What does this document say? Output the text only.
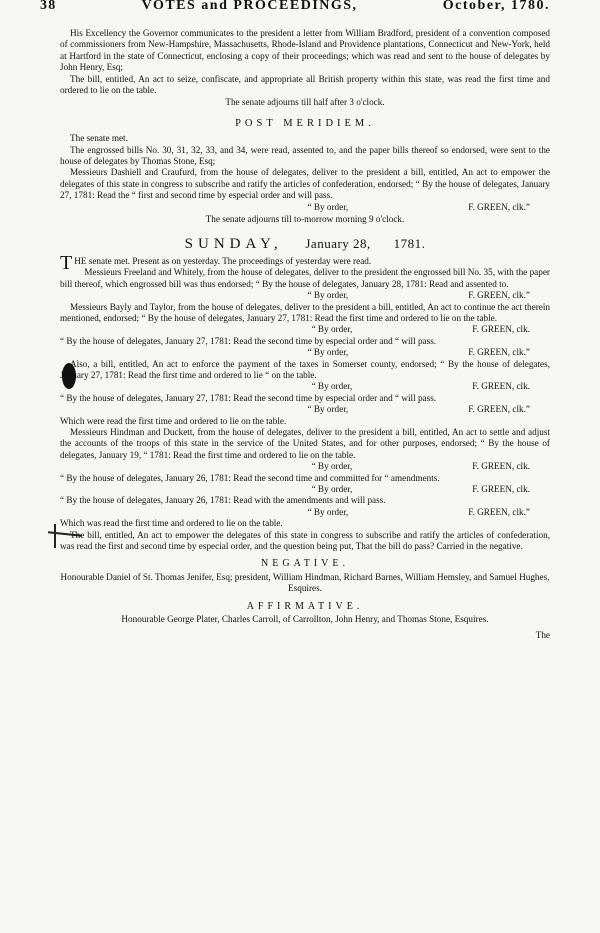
38	VOTES and PROCEEDINGS,	October, 1780.

His Excellency the Governor communicates to the president a letter from William Bradford, president of a convention composed of commissioners from New-Hampshire, Massachusetts, Rhode-Island and Providence plantations, Connecticut and New-York, held at Hartford in the state of Connecticut, enclosing a copy of their proceedings; which was read and sent to the house of delegates by John Henry, Esq;

The bill, entitled, An act to seize, confiscate, and appropriate all British property within this state, was read the first time and ordered to lie on the table.

The senate adjourns till half after 3 o'clock.
POST MERIDIEM.

The senate met.

The engrossed bills No. 30, 31, 32, 33, and 34, were read, assented to, and the paper bills thereof so endorsed, were sent to the house of delegates by Thomas Stone, Esq;

Messieurs Dashiell and Craufurd, from the house of delegates, deliver to the president a bill, entitled, An act to empower the delegates of this state in congress to subscribe and ratify the articles of confederation, endorsed; “ By the house of delegates, January 27, 1781: Read the “ first and second time by especial order and will pass.

“ By order,	F. GREEN, clk.”
The senate adjourns till to-morrow morning 9 o'clock.
SUNDAY, January 28, 1781.

THE senate met. Present as on yesterday. The proceedings of yesterday were read.

Messieurs Freeland and Whitely, from the house of delegates, deliver to the president the engrossed bill No. 35, with the paper bill thereof, which engrossed bill was thus endorsed; “ By the house of delegates, January 28, 1781: Read and assented to.

“ By order,	F. GREEN, clk.”

Messieurs Bayly and Taylor, from the house of delegates, deliver to the president a bill, entitled, An act to continue the act therein mentioned, endorsed; “ By the house of delegates, January 27, 1781: Read the first time and ordered to lie on the table.

“ By order,	F. GREEN, clk.

“ By the house of delegates, January 27, 1781: Read the second time by especial order and “ will pass.

“ By order,	F. GREEN, clk.”

Also, a bill, entitled, An act to enforce the payment of the taxes in Somerset county, endorsed; “ By the house of delegates, January 27, 1781: Read the first time and ordered to lie “ on the table.

“ By order,	F. GREEN, clk.

“ By the house of delegates, January 27, 1781: Read the second time by especial order and “ will pass.

“ By order,	F. GREEN, clk.”

Which were read the first time and ordered to lie on the table.

Messieurs Hindman and Duckett, from the house of delegates, deliver to the president a bill, entitled, An act to settle and adjust the accounts of the troops of this state in the service of the United States, and for other purposes, endorsed; “ By the house of delegates, January 19, “ 1781: Read the first time and ordered to lie on the table.

“ By order,	F. GREEN, clk.

“ By the house of delegates, January 26, 1781: Read the second time and committed for “ amendments.

“ By order,	F. GREEN, clk.

“ By the house of delegates, January 26, 1781: Read with the amendments and will pass.

“ By order,	F. GREEN, clk.”

Which was read the first time and ordered to lie on the table.

The bill, entitled, An act to empower the delegates of this state in congress to subscribe and ratify the articles of confederation, was read the first and second time by especial order, and the question being put, That the bill do pass? Carried in the negative.

NEGATIVE.
Honourable Daniel of St. Thomas Jenifer, Esq; president, William Hindman, Richard Barnes, William Hemsley, and Samuel Hughes, Esquires.
AFFIRMATIVE.
Honourable George Plater, Charles Carroll, of Carrollton, John Henry, and Thomas Stone, Esquires.
The
